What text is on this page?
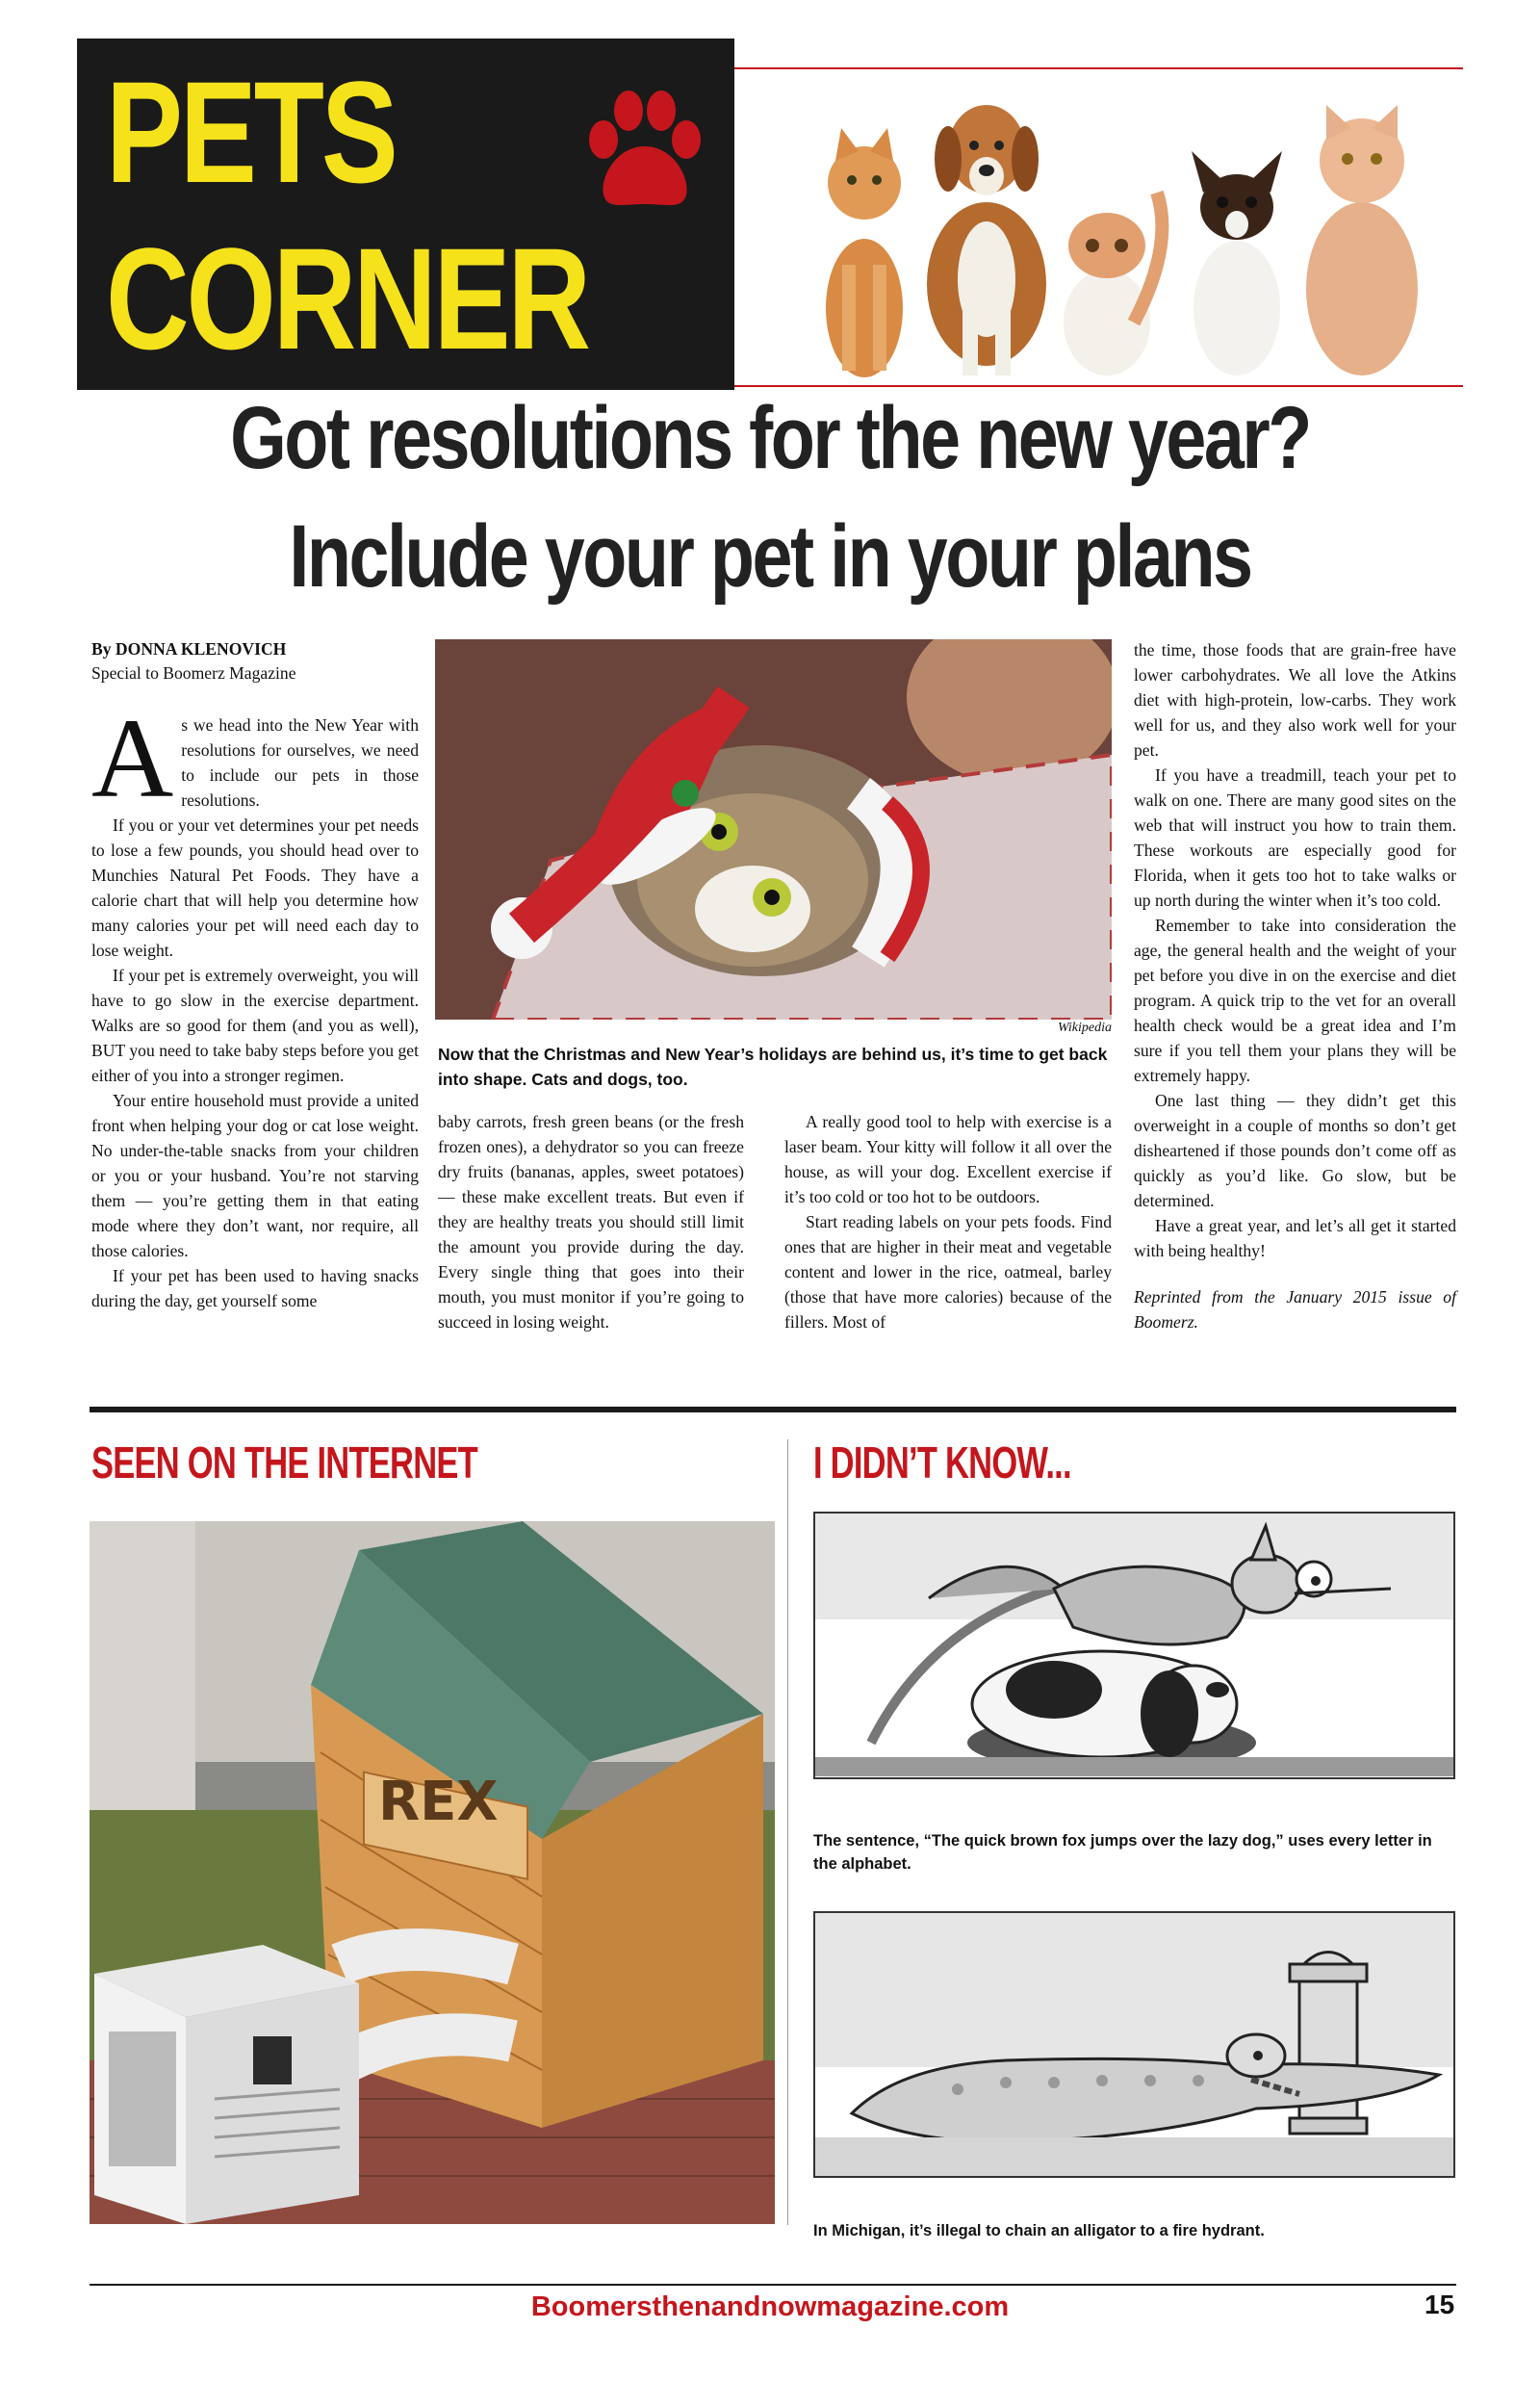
PETS
CORNER
Got resolutions for the new year?
Include your pet in your plans
By DONNA KLENOVICH
Special to Boomerz Magazine

As we head into the New Year with resolutions for ourselves, we need to include our pets in those resolutions.

If you or your vet determines your pet needs to lose a few pounds, you should head over to Munchies Natural Pet Foods. They have a calorie chart that will help you determine how many calories your pet will need each day to lose weight.

If your pet is extremely overweight, you will have to go slow in the exercise department. Walks are so good for them (and you as well), BUT you need to take baby steps before you get either of you into a stronger regimen.

Your entire household must provide a united front when helping your dog or cat lose weight. No under-the-table snacks from your children or you or your husband. You’re not starving them — you’re getting them in that eating mode where they don’t want, nor require, all those calories.

If your pet has been used to having snacks during the day, get yourself some

Wikipedia
Now that the Christmas and New Year’s holidays are behind us, it’s time to get back into shape. Cats and dogs, too.

baby carrots, fresh green beans (or the fresh frozen ones), a dehydrator so you can freeze dry fruits (bananas, apples, sweet potatoes) — these make excellent treats. But even if they are healthy treats you should still limit the amount you provide during the day. Every single thing that goes into their mouth, you must monitor if you’re going to succeed in losing weight.

A really good tool to help with exercise is a laser beam. Your kitty will follow it all over the house, as will your dog. Excellent exercise if it’s too cold or too hot to be outdoors.

Start reading labels on your pets foods. Find ones that are higher in their meat and vegetable content and lower in the rice, oatmeal, barley (those that have more calories) because of the fillers. Most of

the time, those foods that are grain-free have lower carbohydrates. We all love the Atkins diet with high-protein, low-carbs. They work well for us, and they also work well for your pet.

If you have a treadmill, teach your pet to walk on one. There are many good sites on the web that will instruct you how to train them. These workouts are especially good for Florida, when it gets too hot to take walks or up north during the winter when it’s too cold.

Remember to take into consideration the age, the general health and the weight of your pet before you dive in on the exercise and diet program. A quick trip to the vet for an overall health check would be a great idea and I’m sure if you tell them your plans they will be extremely happy.

One last thing — they didn’t get this overweight in a couple of months so don’t get disheartened if those pounds don’t come off as quickly as you’d like. Go slow, but be determined.

Have a great year, and let’s all get it started with being healthy!

Reprinted from the January 2015 issue of Boomerz.

SEEN ON THE INTERNET	I DIDN’T KNOW...
REX
The sentence, “The quick brown fox jumps over the lazy dog,” uses every letter in the alphabet.
In Michigan, it’s illegal to chain an alligator to a fire hydrant.
Boomersthenandnowmagazine.com	15
